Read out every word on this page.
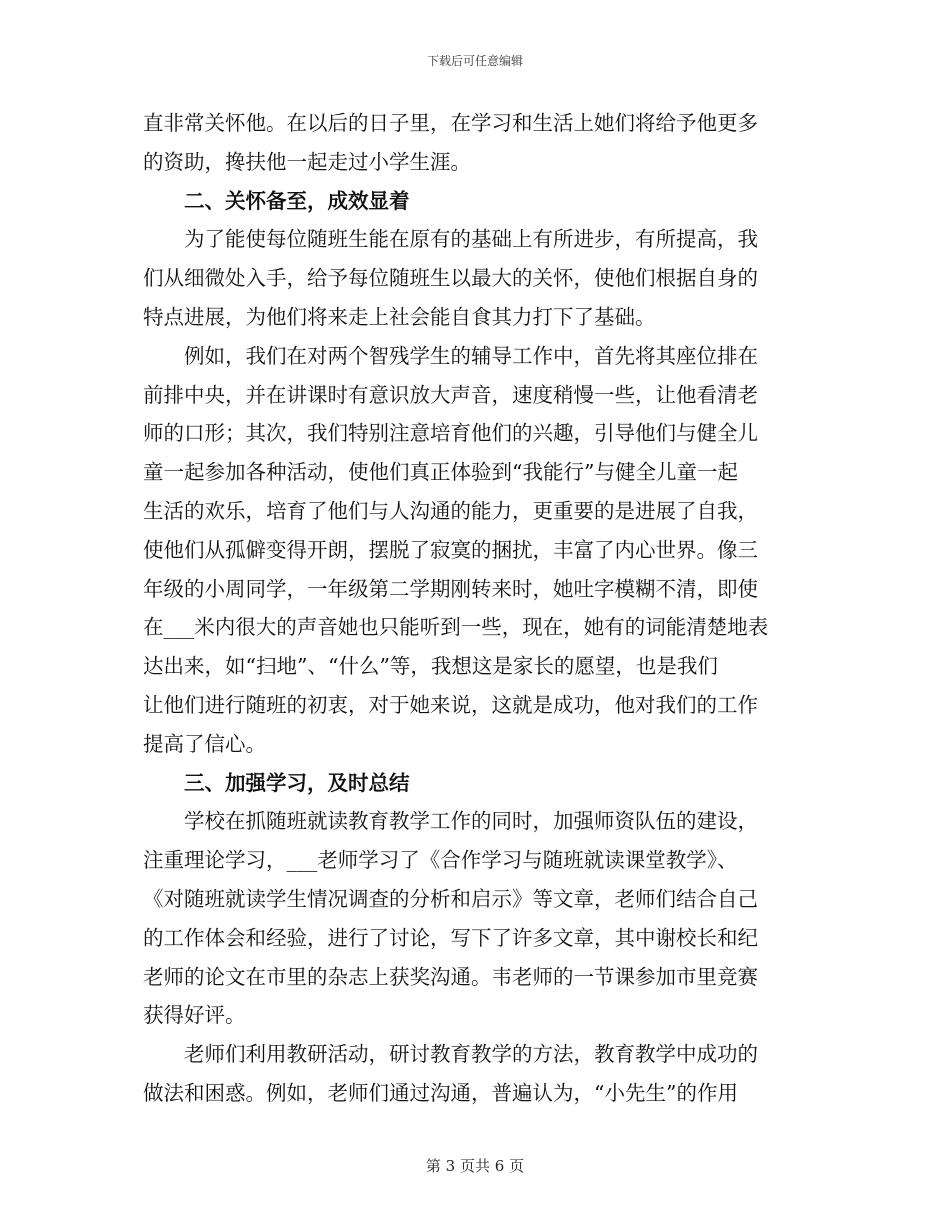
下载后可任意编辑
直非常关怀他。在以后的日子里，在学习和生活上她们将给予他更多
的资助，搀扶他一起走过小学生涯。
　　二、关怀备至，成效显着
　　为了能使每位随班生能在原有的基础上有所进步，有所提高，我
们从细微处入手，给予每位随班生以最大的关怀，使他们根据自身的
特点进展，为他们将来走上社会能自食其力打下了基础。
　　例如，我们在对两个智残学生的辅导工作中，首先将其座位排在
前排中央，并在讲课时有意识放大声音，速度稍慢一些，让他看清老
师的口形；其次，我们特别注意培育他们的兴趣，引导他们与健全儿
童一起参加各种活动，使他们真正体验到“我能行”与健全儿童一起
生活的欢乐，培育了他们与人沟通的能力，更重要的是进展了自我，
使他们从孤僻变得开朗，摆脱了寂寞的捆扰，丰富了内心世界。像三
年级的小周同学，一年级第二学期刚转来时，她吐字模糊不清，即使
在___米内很大的声音她也只能听到一些，现在，她有的词能清楚地表
达出来，如“扫地”、“什么”等，我想这是家长的愿望，也是我们
让他们进行随班的初衷，对于她来说，这就是成功，他对我们的工作
提高了信心。
　　三、加强学习，及时总结
　　学校在抓随班就读教育教学工作的同时，加强师资队伍的建设，
注重理论学习，___老师学习了《合作学习与随班就读课堂教学》、
《对随班就读学生情况调查的分析和启示》等文章，老师们结合自己
的工作体会和经验，进行了讨论，写下了许多文章，其中谢校长和纪
老师的论文在市里的杂志上获奖沟通。韦老师的一节课参加市里竞赛
获得好评。
　　老师们利用教研活动，研讨教育教学的方法，教育教学中成功的
做法和困惑。例如，老师们通过沟通，普遍认为，“小先生”的作用
第 3 页共 6 页
